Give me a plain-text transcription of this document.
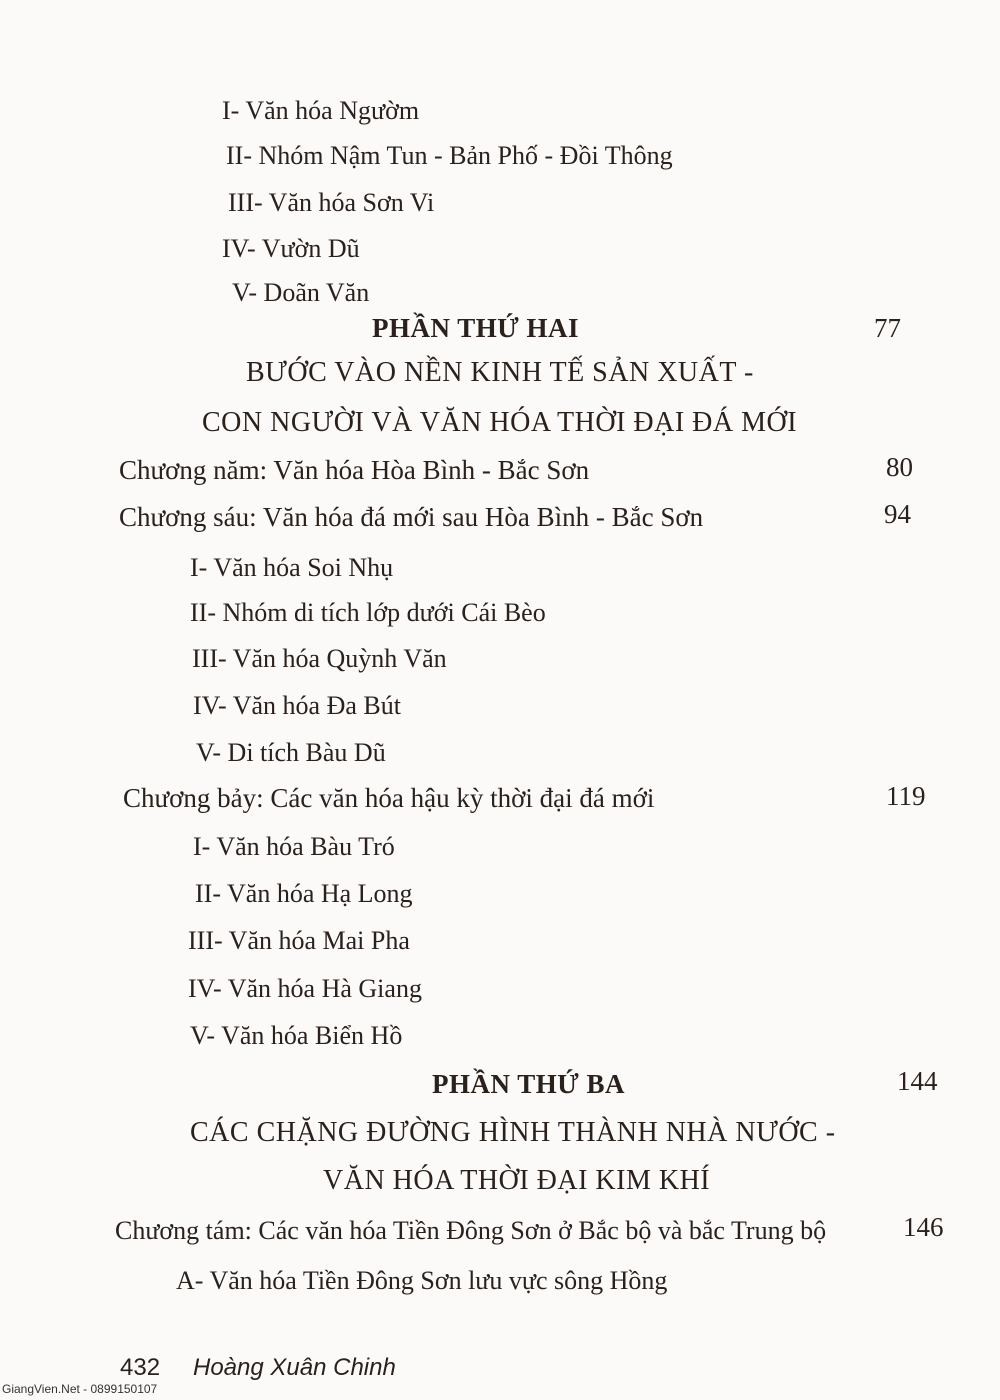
I- Văn hóa Ngườm
II- Nhóm Nậm Tun - Bản Phố - Đồi Thông
III- Văn hóa Sơn Vi
IV- Vườn Dũ
V- Doãn Văn
PHẦN THỨ HAI	77
BƯỚC VÀO NỀN KINH TẾ SẢN XUẤT -
CON NGƯỜI VÀ VĂN HÓA THỜI ĐẠI ĐÁ MỚI
Chương năm: Văn hóa Hòa Bình - Bắc Sơn	80
Chương sáu: Văn hóa đá mới sau Hòa Bình - Bắc Sơn	94
I- Văn hóa Soi Nhụ
II- Nhóm di tích lớp dưới Cái Bèo
III- Văn hóa Quỳnh Văn
IV- Văn hóa Đa Bút
V- Di tích Bàu Dũ
Chương bảy: Các văn hóa hậu kỳ thời đại đá mới	119
I- Văn hóa Bàu Tró
II- Văn hóa Hạ Long
III- Văn hóa Mai Pha
IV- Văn hóa Hà Giang
V- Văn hóa Biển Hồ
PHẦN THỨ BA	144
CÁC CHẶNG ĐƯỜNG HÌNH THÀNH NHÀ NƯỚC -
VĂN HÓA THỜI ĐẠI KIM KHÍ
Chương tám: Các văn hóa Tiền Đông Sơn ở Bắc bộ và bắc Trung bộ	146
A- Văn hóa Tiền Đông Sơn lưu vực sông Hồng
432 Hoàng Xuân Chinh
GiangVien.Net - 0899150107
